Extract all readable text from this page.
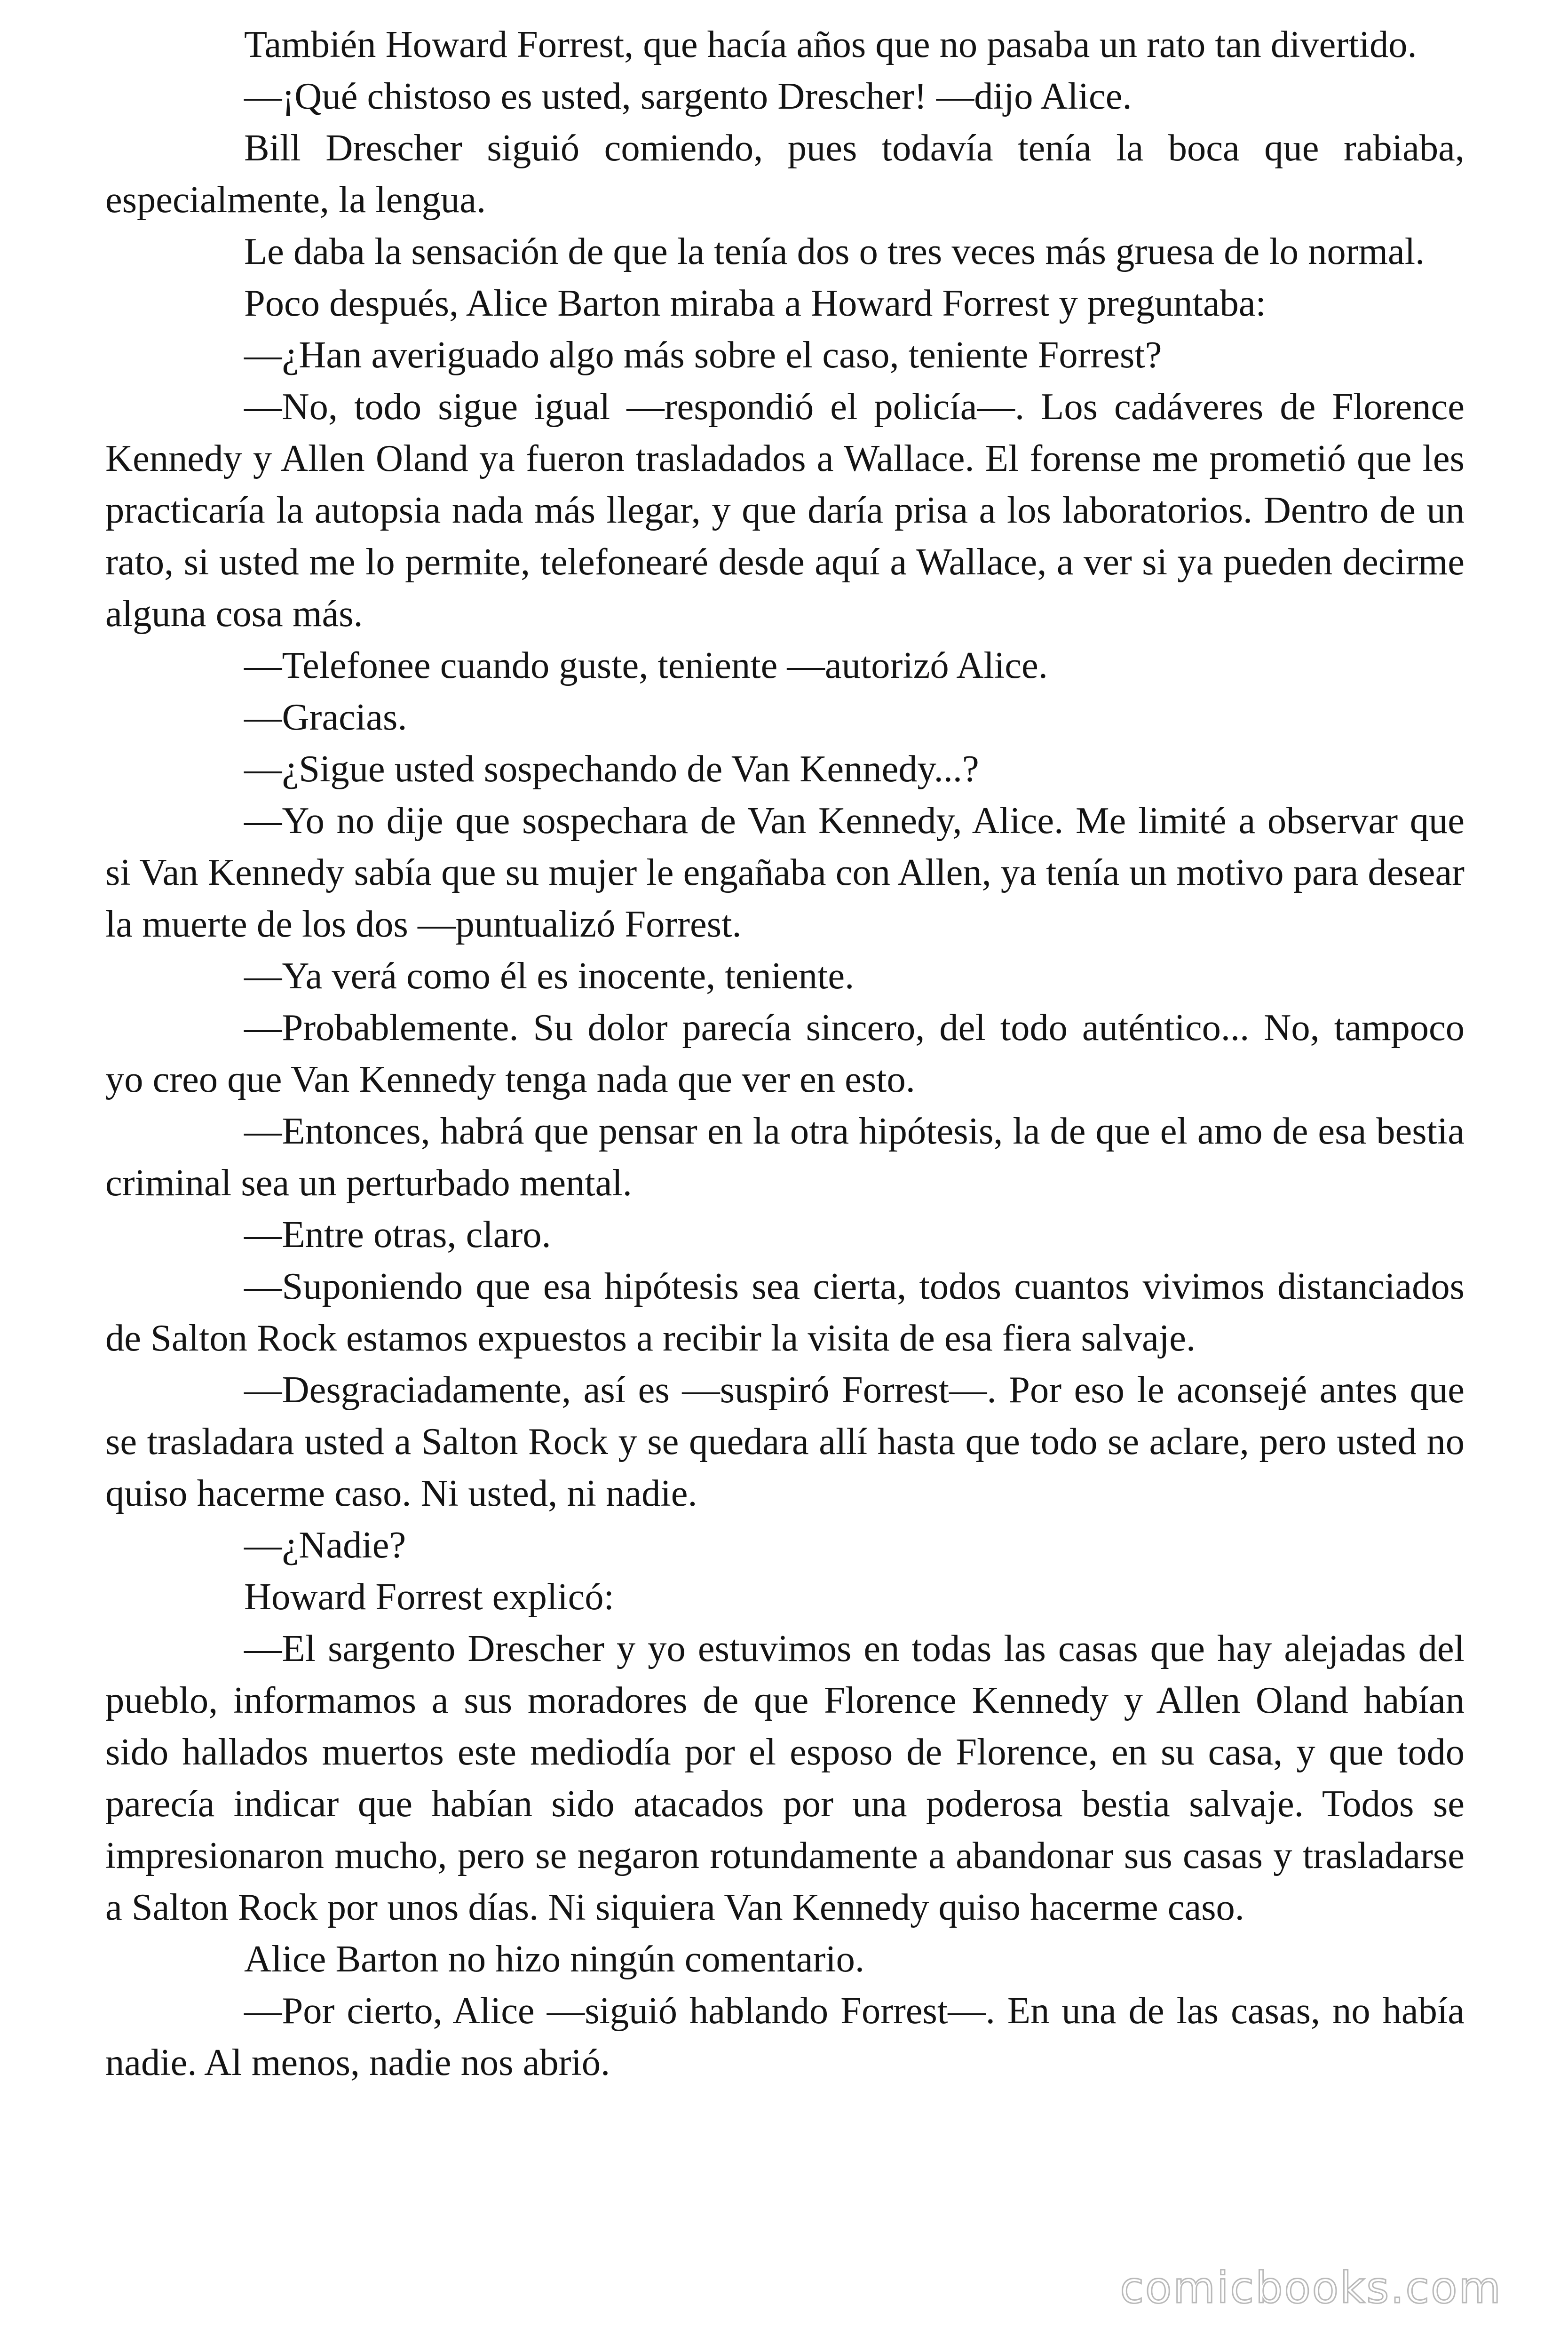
También Howard Forrest, que hacía años que no pasaba un rato tan divertido.

—¡Qué chistoso es usted, sargento Drescher! —dijo Alice.

Bill Drescher siguió comiendo, pues todavía tenía la boca que rabiaba, especialmente, la lengua.

Le daba la sensación de que la tenía dos o tres veces más gruesa de lo normal.

Poco después, Alice Barton miraba a Howard Forrest y preguntaba:

—¿Han averiguado algo más sobre el caso, teniente Forrest?

—No, todo sigue igual —respondió el policía—. Los cadáveres de Florence Kennedy y Allen Oland ya fueron trasladados a Wallace. El forense me prometió que les practicaría la autopsia nada más llegar, y que daría prisa a los laboratorios. Dentro de un rato, si usted me lo permite, telefonearé desde aquí a Wallace, a ver si ya pueden decirme alguna cosa más.

—Telefonee cuando guste, teniente —autorizó Alice.

—Gracias.

—¿Sigue usted sospechando de Van Kennedy...?

—Yo no dije que sospechara de Van Kennedy, Alice. Me limité a observar que si Van Kennedy sabía que su mujer le engañaba con Allen, ya tenía un motivo para desear la muerte de los dos —puntualizó Forrest.

—Ya verá como él es inocente, teniente.

—Probablemente. Su dolor parecía sincero, del todo auténtico... No, tampoco yo creo que Van Kennedy tenga nada que ver en esto.

—Entonces, habrá que pensar en la otra hipótesis, la de que el amo de esa bestia criminal sea un perturbado mental.

—Entre otras, claro.

—Suponiendo que esa hipótesis sea cierta, todos cuantos vivimos distanciados de Salton Rock estamos expuestos a recibir la visita de esa fiera salvaje.

—Desgraciadamente, así es —suspiró Forrest—. Por eso le aconsejé antes que se trasladara usted a Salton Rock y se quedara allí hasta que todo se aclare, pero usted no quiso hacerme caso. Ni usted, ni nadie.

—¿Nadie?

Howard Forrest explicó:

—El sargento Drescher y yo estuvimos en todas las casas que hay alejadas del pueblo, informamos a sus moradores de que Florence Kennedy y Allen Oland habían sido hallados muertos este mediodía por el esposo de Florence, en su casa, y que todo parecía indicar que habían sido atacados por una poderosa bestia salvaje. Todos se impresionaron mucho, pero se negaron rotundamente a abandonar sus casas y trasladarse a Salton Rock por unos días. Ni siquiera Van Kennedy quiso hacerme caso.

Alice Barton no hizo ningún comentario.

—Por cierto, Alice —siguió hablando Forrest—. En una de las casas, no había nadie. Al menos, nadie nos abrió.

comicbooks.com
